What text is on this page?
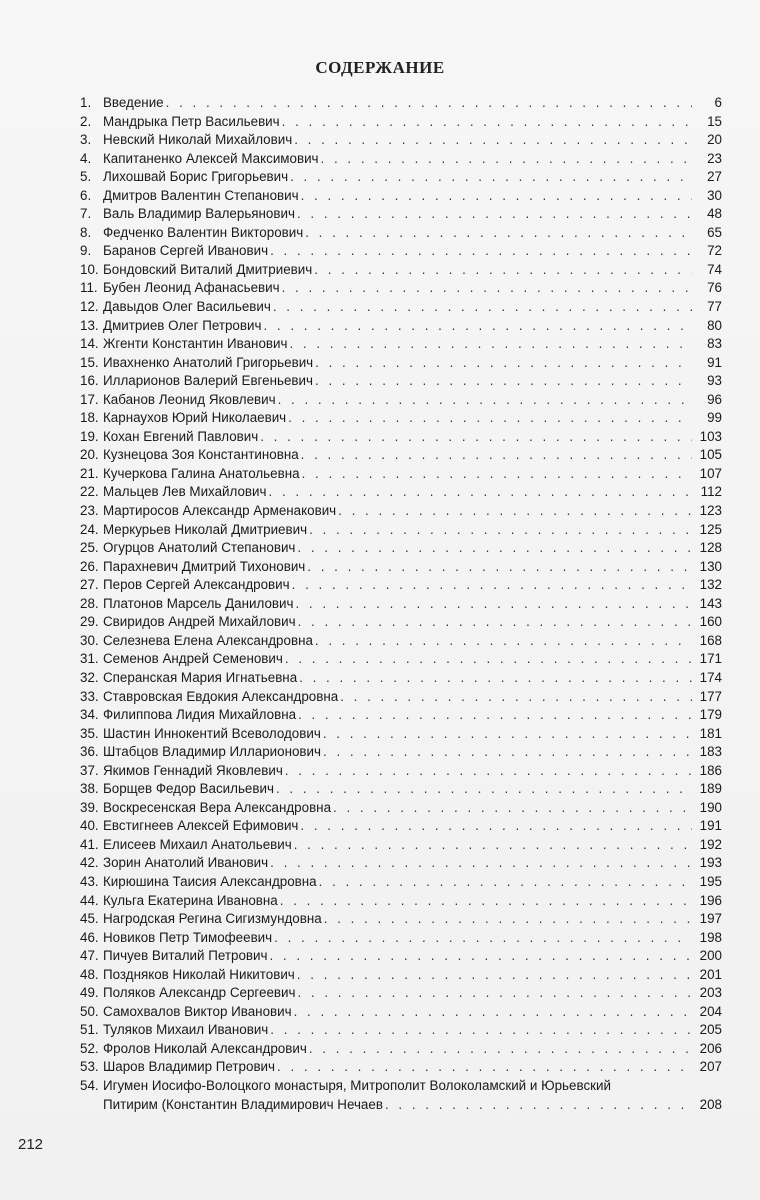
СОДЕРЖАНИЕ
1. Введение . . .	6
2. Мандрыка Петр Васильевич . . .	15
3. Невский Николай Михайлович . . .	20
4. Капитаненко Алексей Максимович . . .	23
5. Лихошвай Борис Григорьевич . . .	27
6. Дмитров Валентин Степанович . . .	30
7. Валь Владимир Валерьянович . . .	48
8. Федченко Валентин Викторович . . .	65
9. Баранов Сергей Иванович . . .	72
10. Бондовский Виталий Дмитриевич . . .	74
11. Бубен Леонид Афанасьевич . . .	76
12. Давыдов Олег Васильевич . . .	77
13. Дмитриев Олег Петрович . . .	80
14. Жгенти Константин Иванович . . .	83
15. Ивахненко Анатолий Григорьевич . . .	91
16. Илларионов Валерий Евгеньевич . . .	93
17. Кабанов Леонид Яковлевич . . .	96
18. Карнаухов Юрий Николаевич . . .	99
19. Кохан Евгений Павлович . . .	103
20. Кузнецова Зоя Константиновна . . .	105
21. Кучеркова Галина Анатольевна . . .	107
22. Мальцев Лев Михайлович . . .	112
23. Мартиросов Александр Арменакович . . .	123
24. Меркурьев Николай Дмитриевич . . .	125
25. Огурцов Анатолий Степанович . . .	128
26. Парахневич Дмитрий Тихонович . . .	130
27. Перов Сергей Александрович . . .	132
28. Платонов Марсель Данилович . . .	143
29. Свиридов Андрей Михайлович . . .	160
30. Селезнева Елена Александровна . . .	168
31. Семенов Андрей Семенович . . .	171
32. Сперанская Мария Игнатьевна . . .	174
33. Ставровская Евдокия Александровна . . .	177
34. Филиппова Лидия Михайловна . . .	179
35. Шастин Иннокентий Всеволодович . . .	181
36. Штабцов Владимир Илларионович . . .	183
37. Якимов Геннадий Яковлевич . . .	186
38. Борщев Федор Васильевич . . .	189
39. Воскресенская Вера Александровна . . .	190
40. Евстигнеев Алексей Ефимович . . .	191
41. Елисеев Михаил Анатольевич . . .	192
42. Зорин Анатолий Иванович . . .	193
43. Кирюшина Таисия Александровна . . .	195
44. Кульга Екатерина Ивановна . . .	196
45. Нагродская Регина Сигизмундовна . . .	197
46. Новиков Петр Тимофеевич . . .	198
47. Пичуев Виталий Петрович . . .	200
48. Поздняков Николай Никитович . . .	201
49. Поляков Александр Сергеевич . . .	203
50. Самохвалов Виктор Иванович . . .	204
51. Туляков Михаил Иванович . . .	205
52. Фролов Николай Александрович . . .	206
53. Шаров Владимир Петрович . . .	207
54. Игумен Иосифо-Волоцкого монастыря, Митрополит Волоколамский и Юрьевский
Питирим (Константин Владимирович Нечаев . . .	208
212
